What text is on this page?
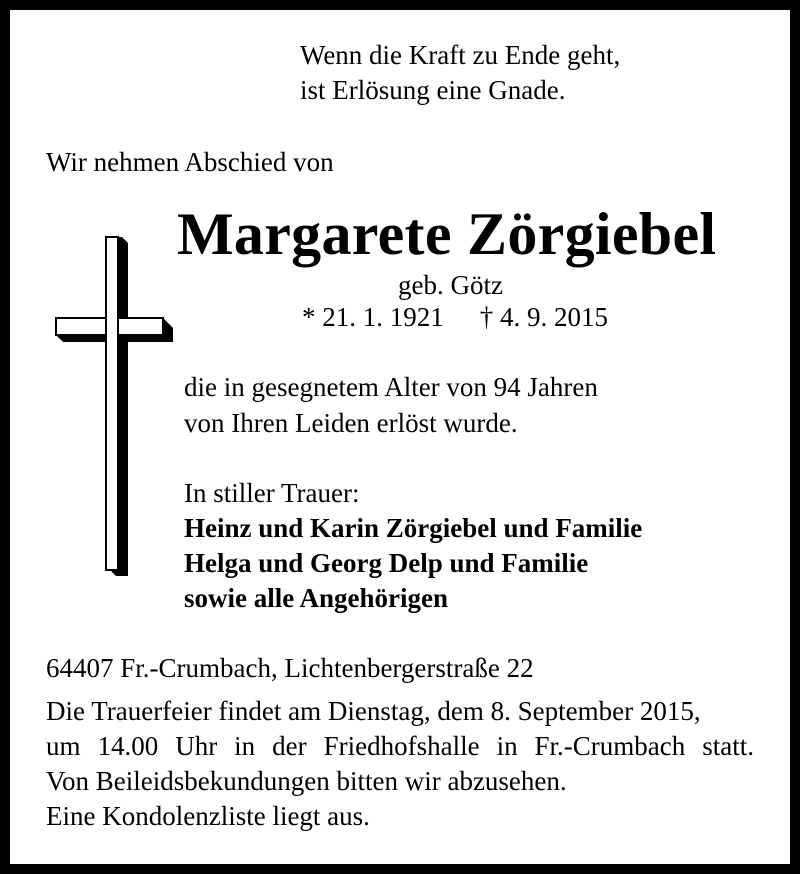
Wenn die Kraft zu Ende geht,
ist Erlösung eine Gnade.
Wir nehmen Abschied von
Margarete Zörgiebel
geb. Götz
* 21. 1. 1921 † 4. 9. 2015
die in gesegnetem Alter von 94 Jahren
von Ihren Leiden erlöst wurde.
In stiller Trauer:
Heinz und Karin Zörgiebel und Familie
Helga und Georg Delp und Familie
sowie alle Angehörigen
64407 Fr.-Crumbach, Lichtenbergerstraße 22
Die Trauerfeier findet am Dienstag, dem 8. September 2015,
um 14.00 Uhr in der Friedhofshalle in Fr.-Crumbach statt.
Von Beileidsbekundungen bitten wir abzusehen.
Eine Kondolenzliste liegt aus.
